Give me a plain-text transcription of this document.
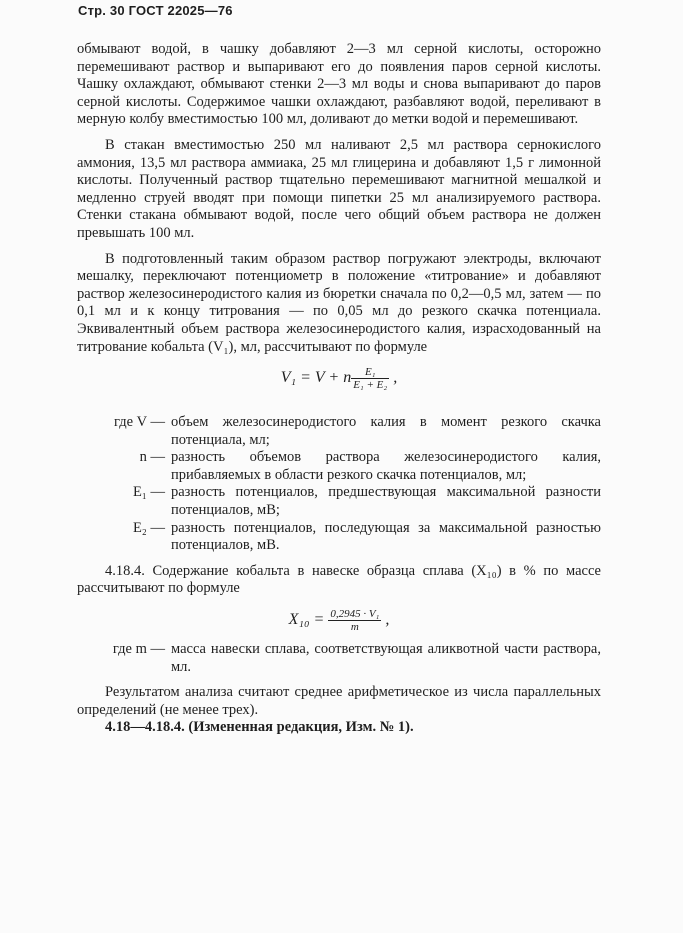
Стр. 30 ГОСТ 22025—76

обмывают водой, в чашку добавляют 2—3 мл серной кислоты, осторожно перемешивают раствор и выпаривают его до появления паров серной кислоты. Чашку охлаждают, обмывают стенки 2—3 мл воды и снова выпаривают до паров серной кислоты. Содержимое чашки охлаждают, разбавляют водой, переливают в мерную колбу вместимостью 100 мл, доливают до метки водой и перемешивают.

В стакан вместимостью 250 мл наливают 2,5 мл раствора сернокислого аммония, 13,5 мл раствора аммиака, 25 мл глицерина и добавляют 1,5 г лимонной кислоты. Полученный раствор тщательно перемешивают магнитной мешалкой и медленно струей вводят при помощи пипетки 25 мл анализируемого раствора. Стенки стакана обмывают водой, после чего общий объем раствора не должен превышать 100 мл.

В подготовленный таким образом раствор погружают электроды, включают мешалку, переключают потенциометр в положение «титрование» и добавляют раствор железосинеродистого калия из бюретки сначала по 0,2—0,5 мл, затем — по 0,1 мл и к концу титрования — по 0,05 мл до резкого скачка потенциала. Эквивалентный объем раствора железосинеродистого калия, израсходованный на титрование кобальта (V₁), мл, рассчитывают по формуле

V₁ = V + n $\frac{\text{E₁}}{\text{E₁ + E₂}}$ ,
где V — объем железосинеродистого калия в момент резкого скачка потенциала, мл;
n — разность объемов раствора железосинеродистого калия, прибавляемых в области резкого скачка потенциалов, мл;
E₁ — разность потенциалов, предшествующая максимальной разности потенциалов, мВ;
E₂ — разность потенциалов, последующая за максимальной разностью потенциалов, мВ.

4.18.4. Содержание кобальта в навеске образца сплава (X₁₀) в % по массе рассчитывают по формуле

$X_{10} = \frac{\text{0,2945 · V₁}}{m}$ ,
где m — масса навески сплава, соответствующая аликвотной части раствора, мл.

Результатом анализа считают среднее арифметическое из числа параллельных определений (не менее трех).

4.18—4.18.4. (Измененная редакция, Изм. № 1).
